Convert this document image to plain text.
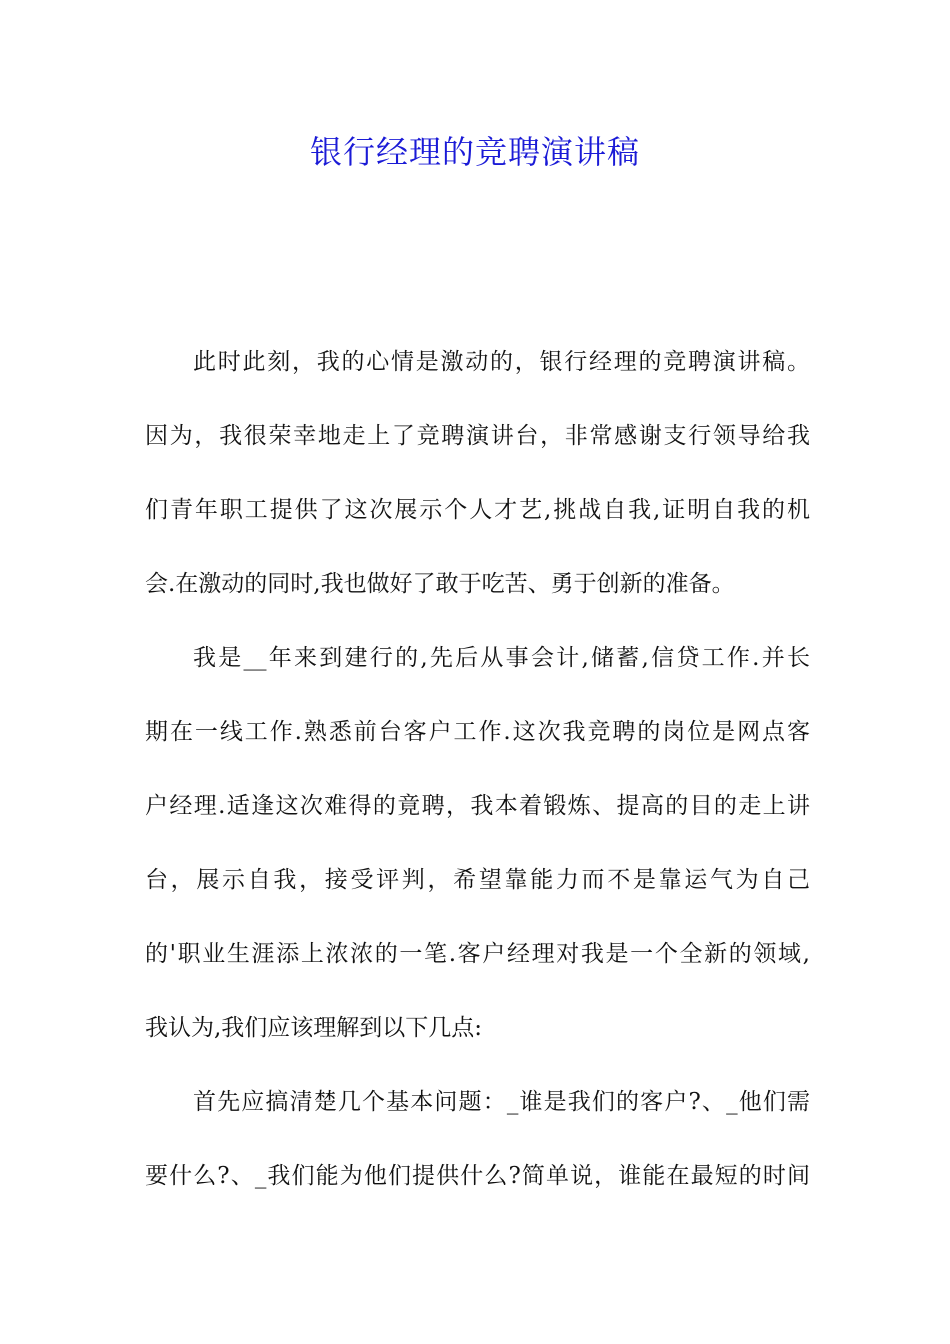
银行经理的竞聘演讲稿
此时此刻，我的心情是激动的，银行经理的竞聘演讲稿。
因为，我很荣幸地走上了竞聘演讲台，非常感谢支行领导给我
们青年职工提供了这次展示个人才艺,挑战自我,证明自我的机
会.在激动的同时,我也做好了敢于吃苦、勇于创新的准备。
我是__年来到建行的,先后从事会计,储蓄,信贷工作.并长
期在一线工作.熟悉前台客户工作.这次我竞聘的岗位是网点客
户经理.适逢这次难得的竟聘，我本着锻炼、提高的目的走上讲
台，展示自我，接受评判，希望靠能力而不是靠运气为自己
的'职业生涯添上浓浓的一笔.客户经理对我是一个全新的领域,
我认为,我们应该理解到以下几点:
首先应搞清楚几个基本问题：_谁是我们的客户?、_他们需
要什么?、_我们能为他们提供什么?简单说，谁能在最短的时间
